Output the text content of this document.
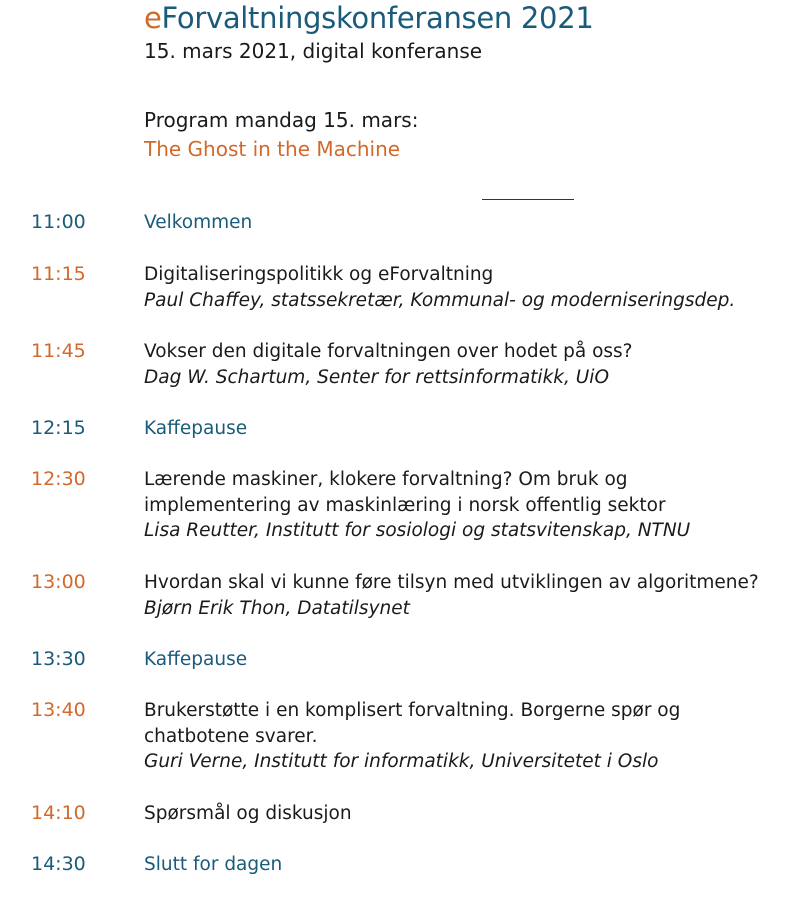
eForvaltningskonferansen 2021
15. mars 2021, digital konferanse
Program mandag 15. mars:
The Ghost in the Machine
11:00	Velkommen
11:15	Digitaliseringspolitikk og eForvaltning
Paul Chaffey, statssekretær, Kommunal- og moderniseringsdep.
11:45	Vokser den digitale forvaltningen over hodet på oss?
Dag W. Schartum, Senter for rettsinformatikk, UiO
12:15	Kaffepause
12:30	Lærende maskiner, klokere forvaltning? Om bruk og implementering av maskinlæring i norsk offentlig sektor
Lisa Reutter, Institutt for sosiologi og statsvitenskap, NTNU
13:00	Hvordan skal vi kunne føre tilsyn med utviklingen av algoritmene?
Bjørn Erik Thon, Datatilsynet
13:30	Kaffepause
13:40	Brukerstøtte i en komplisert forvaltning. Borgerne spør og chatbotene svarer.
Guri Verne, Institutt for informatikk, Universitetet i Oslo
14:10	Spørsmål og diskusjon
14:30	Slutt for dagen
